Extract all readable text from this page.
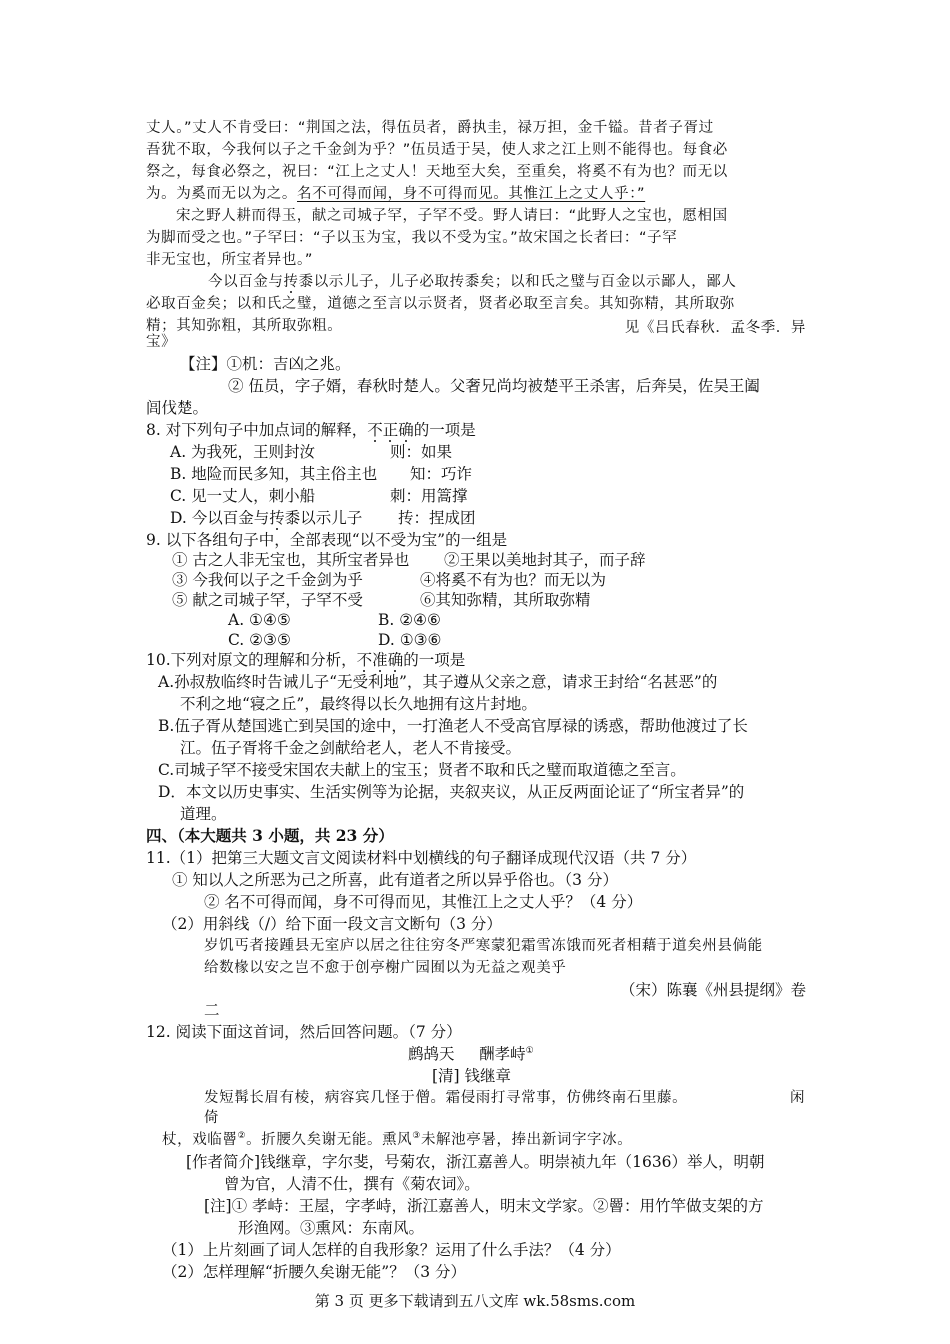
丈人。”丈人不肯受曰：“荆国之法，得伍员者，爵执圭，禄万担，金千镒。昔者子胥过
吾犹不取，今我何以子之千金剑为乎？”伍员适于吴，使人求之江上则不能得也。每食必
祭之，每食必祭之，祝曰：“江上之丈人！天地至大矣，至重矣，将奚不有为也？而无以
为。为奚而无以为之。名不可得而闻，身不可得而见。其惟江上之丈人乎：”
宋之野人耕而得玉，献之司城子罕，子罕不受。野人请曰：“此野人之宝也，愿相国
为脚而受之也。”子罕曰：“子以玉为宝，我以不受为宝。”故宋国之长者曰：“子罕
非无宝也，所宝者异也。”
今以百金与抟黍以示儿子，儿子必取抟黍矣；以和氏之璧与百金以示鄙人，鄙人
必取百金矣；以和氏之璧，道德之至言以示贤者，贤者必取至言矣。其知弥精，其所取弥
精；其知弥粗，其所取弥粗。	见《吕氏春秋．孟冬季．异
宝》
【注】①机：吉凶之兆。
② 伍员，字子婿，春秋时楚人。父奢兄尚均被楚平王杀害，后奔吴，佐吴王阖
闾伐楚。
8. 对下列句子中加点词的解释，不正确的一项是
A. 为我死，王则封汝	则：如果
B. 地险而民多知，其主俗主也 知：巧诈
C. 见一丈人，刺小船	刺：用篙撑
D. 今以百金与抟黍以示儿子 抟：捏成团
9. 以下各组句子中，全部表现“以不受为宝”的一组是
① 古之人非无宝也，其所宝者异也 ②王果以美地封其子，而子辞
③ 今我何以子之千金剑为乎	④将奚不有为也？而无以为
⑤ 献之司城子罕，子罕不受	⑥其知弥精，其所取弥精
A. ①④⑤	B. ②④⑥
C. ②③⑤	D. ①③⑥
10.下列对原文的理解和分析，不准确的一项是
A.孙叔敖临终时告诫儿子“无受利地”，其子遵从父亲之意，请求王封给“名甚恶”的
不利之地“寝之丘”，最终得以长久地拥有这片封地。
B.伍子胥从楚国逃亡到吴国的途中，一打渔老人不受高官厚禄的诱惑，帮助他渡过了长
江。伍子胥将千金之剑献给老人，老人不肯接受。
C.司城子罕不接受宋国农夫献上的宝玉；贤者不取和氏之璧而取道德之至言。
D．本文以历史事实、生活实例等为论据，夹叙夹议，从正反两面论证了“所宝者异”的
道理。
四、（本大题共 3 小题，共 23 分）
11.（1）把第三大题文言文阅读材料中划横线的句子翻译成现代汉语（共 7 分）
① 知以人之所恶为己之所喜，此有道者之所以异乎俗也。（3 分）
② 名不可得而闻，身不可得而见，其惟江上之丈人乎？（4 分）
（2）用斜线（/）给下面一段文言文断句（3 分）
岁饥丐者接踵县无室庐以居之往往穷冬严寒蒙犯霜雪冻饿而死者相藉于道矣州县倘能
给数椽以安之岂不愈于创亭榭广园囿以为无益之观美乎
（宋）陈襄《州县提纲》卷
二
12. 阅读下面这首词，然后回答问题。（7 分）
鹧鸪天 酬孝峙①
[清] 钱继章
发短髯长眉有棱，病容宾几怪于僧。霜侵雨打寻常事，仿佛终南石里藤。	闲
倚
杖，戏临罾②。折腰久矣谢无能。熏风③未解池亭暑，捧出新词字字冰。
[作者简介]钱继章，字尔斐，号菊农，浙江嘉善人。明崇祯九年（1636）举人，明朝
曾为官，人清不仕，撰有《菊农词》。
[注]① 孝峙：王屋，字孝峙，浙江嘉善人，明末文学家。②罾：用竹竿做支架的方
形渔网。③熏风：东南风。
（1）上片刻画了词人怎样的自我形象？运用了什么手法？（4 分）
（2）怎样理解“折腰久矣谢无能”？（3 分）
第 3 页 更多下载请到五八文库 wk.58sms.com
